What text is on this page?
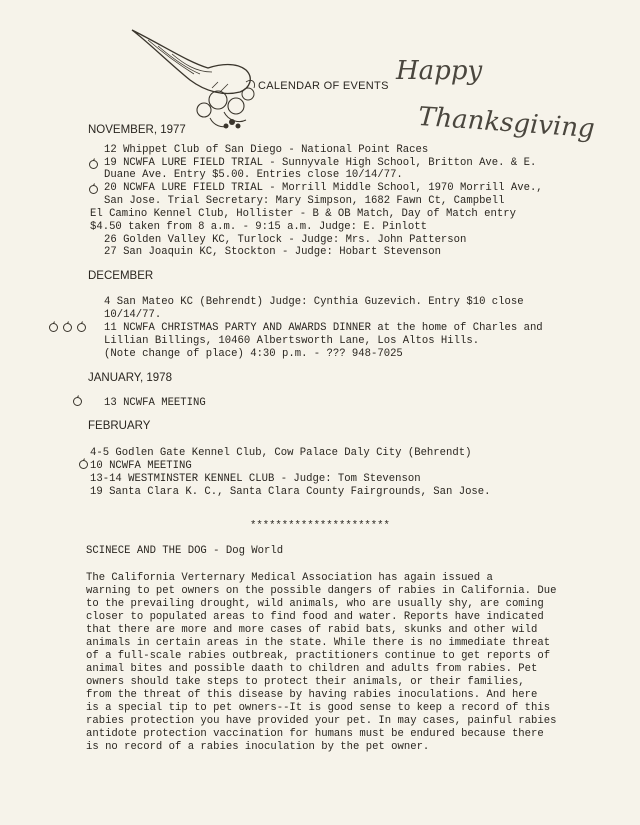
CALENDAR OF EVENTS Happy
Thanksgiving
NOVEMBER, 1977
12 Whippet Club of San Diego - National Point Races
19 NCWFA LURE FIELD TRIAL - Sunnyvale High School, Britton Ave. & E.
Duane Ave. Entry $5.00. Entries close 10/14/77.
20 NCWFA LURE FIELD TRIAL - Morrill Middle School, 1970 Morrill Ave.,
San Jose. Trial Secretary: Mary Simpson, 1682 Fawn Ct, Campbell
El Camino Kennel Club, Hollister - B & OB Match, Day of Match entry
$4.50 taken from 8 a.m. - 9:15 a.m. Judge: E. Pinlott
26 Golden Valley KC, Turlock - Judge: Mrs. John Patterson
27 San Joaquin KC, Stockton - Judge: Hobart Stevenson
DECEMBER
4 San Mateo KC (Behrendt) Judge: Cynthia Guzevich. Entry $10 close
10/14/77.
11 NCWFA CHRISTMAS PARTY AND AWARDS DINNER at the home of Charles and
Lillian Billings, 10460 Albertsworth Lane, Los Altos Hills.
(Note change of place) 4:30 p.m. - ??? 948-7025
JANUARY, 1978
13 NCWFA MEETING
FEBRUARY
4-5 Godlen Gate Kennel Club, Cow Palace Daly City (Behrendt)
10 NCWFA MEETING
13-14 WESTMINSTER KENNEL CLUB - Judge: Tom Stevenson
19 Santa Clara K. C., Santa Clara County Fairgrounds, San Jose.
**********************
SCINECE AND THE DOG - Dog World
The California Verternary Medical Association has again issued a
warning to pet owners on the possible dangers of rabies in California. Due
to the prevailing drought, wild animals, who are usually shy, are coming
closer to populated areas to find food and water. Reports have indicated
that there are more and more cases of rabid bats, skunks and other wild
animals in certain areas in the state. While there is no immediate threat
of a full-scale rabies outbreak, practitioners continue to get reports of
animal bites and possible daath to children and adults from rabies. Pet
owners should take steps to protect their animals, or their families,
from the threat of this disease by having rabies inoculations. And here
is a special tip to pet owners--It is good sense to keep a record of this
rabies protection you have provided your pet. In may cases, painful rabies
antidote protection vaccination for humans must be endured because there
is no record of a rabies inoculation by the pet owner.
